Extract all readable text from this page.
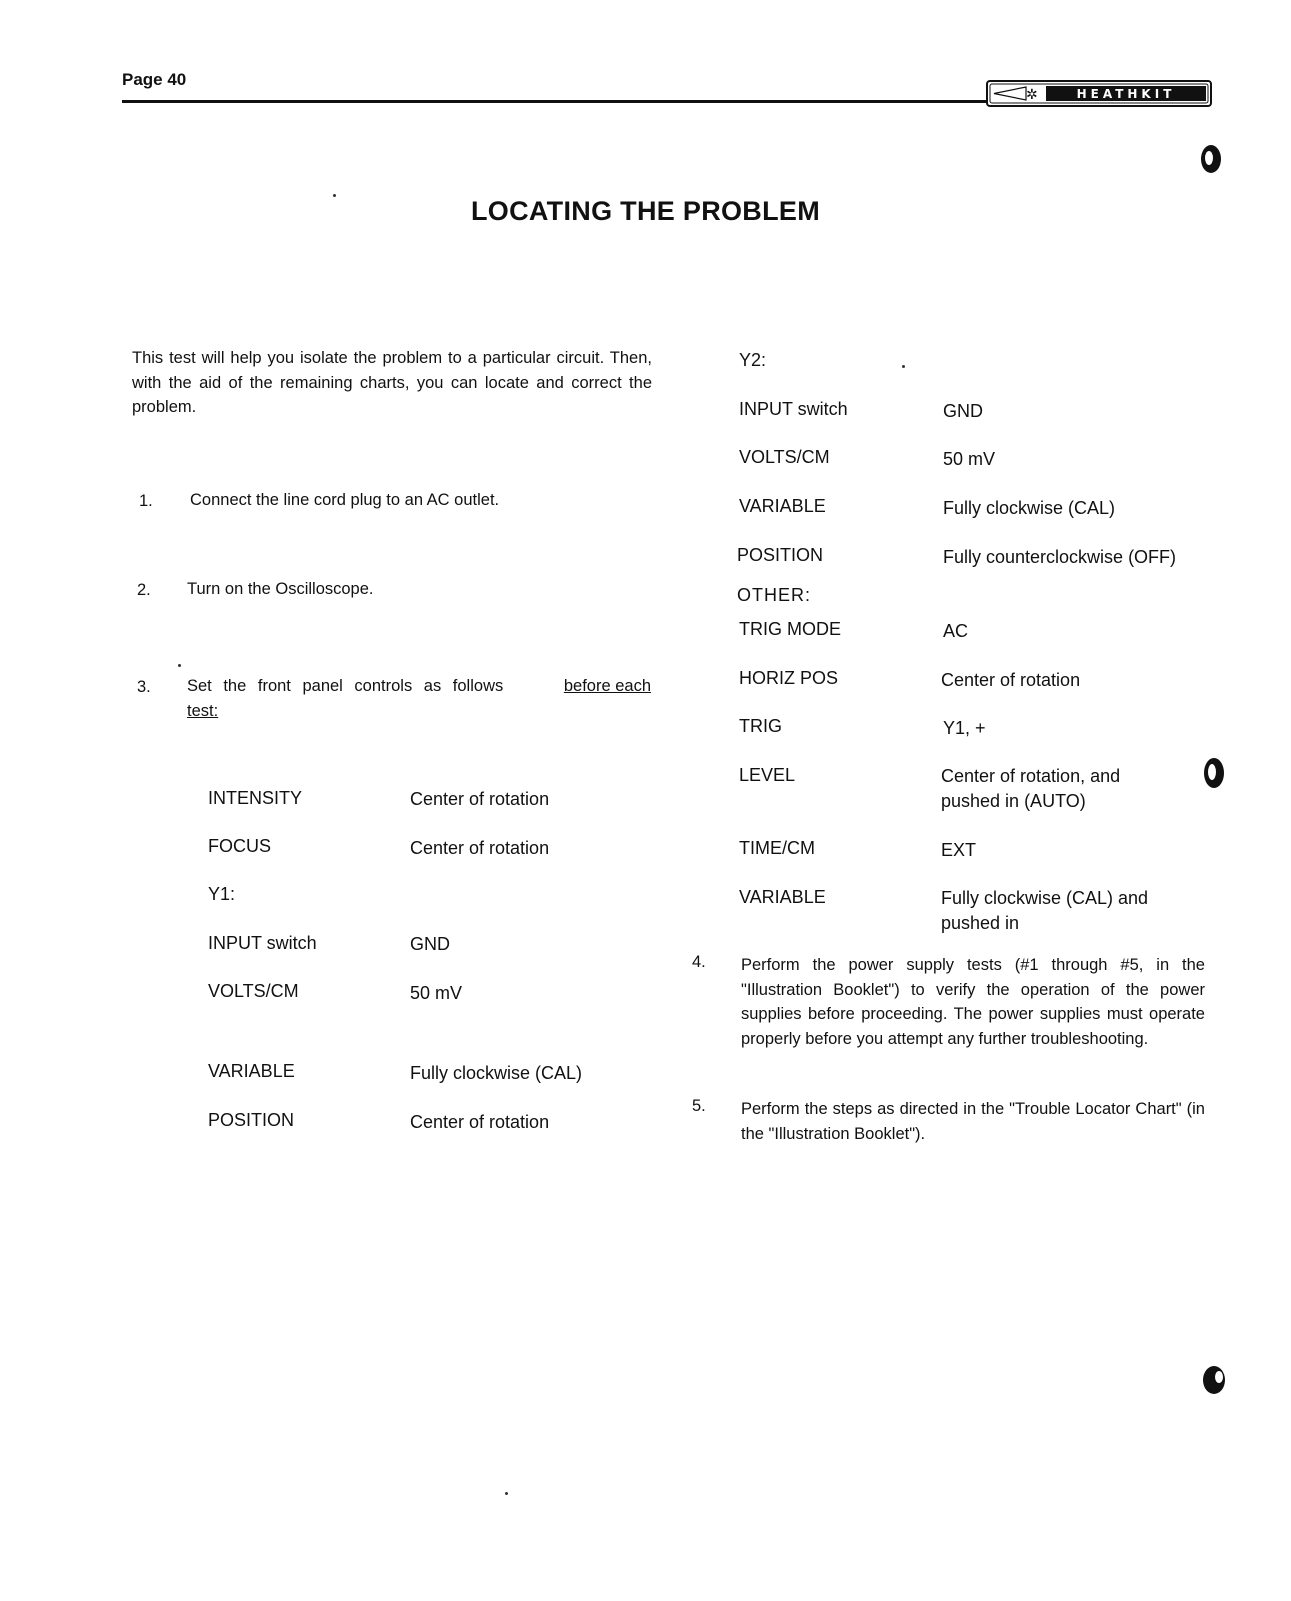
Page 40
✲	HEATHKIT
LOCATING THE PROBLEM
This test will help you isolate the problem to a particular circuit. Then, with the aid of the remaining charts, you can locate and correct the problem.
1. Connect the line cord plug to an AC outlet.
2. Turn on the Oscilloscope.
3. Set the front panel controls as follows	before each
test:
INTENSITY	Center of rotation
FOCUS	Center of rotation
Y1:
INPUT switch	GND
VOLTS/CM	50 mV
VARIABLE	Fully clockwise (CAL)
POSITION	Center of rotation
Y2:
INPUT switch	GND
VOLTS/CM	50 mV
VARIABLE	Fully clockwise (CAL)
POSITION	Fully counterclockwise (OFF)
OTHER:
TRIG MODE	AC
HORIZ POS	Center of rotation
TRIG	Y1, +
LEVEL	Center of rotation, and
pushed in (AUTO)
TIME/CM	EXT
VARIABLE	Fully clockwise (CAL) and
pushed in
4. Perform the power supply tests (#1 through #5, in the "Illustration Booklet") to verify the operation of the power supplies before proceeding. The power supplies must operate properly before you attempt any further troubleshooting.
5. Perform the steps as directed in the "Trouble Locator Chart" (in the "Illustration Booklet").
